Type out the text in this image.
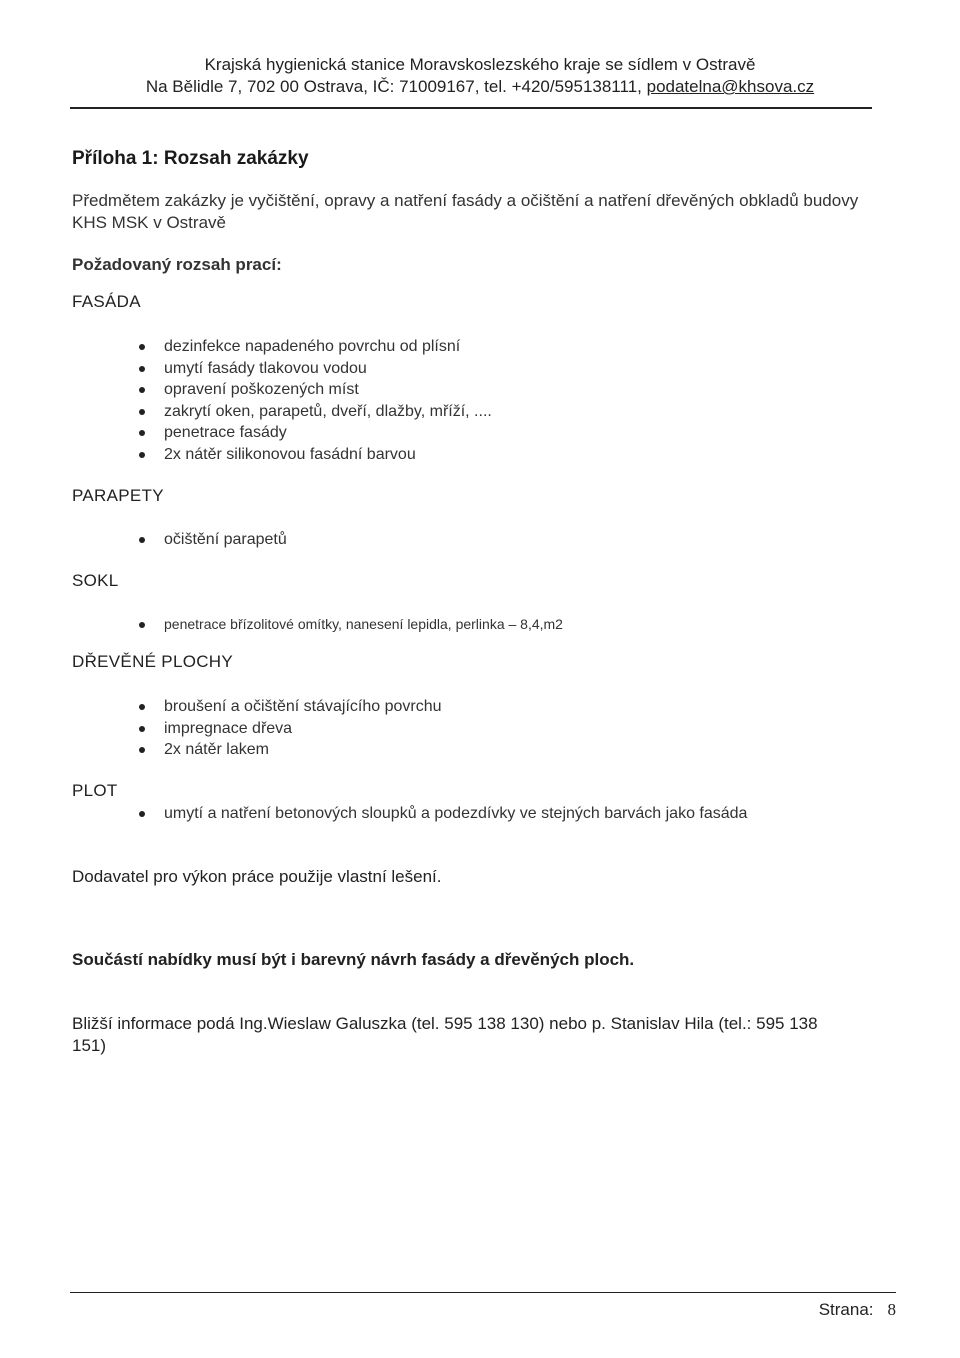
Krajská hygienická stanice Moravskoslezského kraje se sídlem v Ostravě
Na Bělidle 7, 702 00 Ostrava, IČ: 71009167, tel. +420/595138111, podatelna@khsova.cz
Příloha 1: Rozsah zakázky
Předmětem zakázky je vyčištění, opravy a natření fasády a očištění a natření dřevěných obkladů budovy KHS MSK v Ostravě
Požadovaný rozsah prací:
FASÁDA
dezinfekce napadeného povrchu od plísní
umytí fasády tlakovou vodou
opravení poškozených míst
zakrytí oken, parapetů, dveří, dlažby, mříží, ....
penetrace fasády
2x nátěr silikonovou fasádní barvou
PARAPETY
očištění parapetů
SOKL
penetrace břízolitové omítky, nanesení lepidla, perlinka – 8,4,m2
DŘEVĚNÉ PLOCHY
broušení a očištění stávajícího povrchu
impregnace dřeva
2x nátěr lakem
PLOT
umytí a natření betonových sloupků a podezdívky ve stejných barvách jako fasáda
Dodavatel pro výkon práce použije vlastní lešení.
Součástí nabídky musí být i barevný návrh fasády a dřevěných ploch.
Bližší informace podá Ing.Wieslaw Galuszka (tel. 595 138 130) nebo p. Stanislav Hila (tel.: 595 138 151)
Strana: 8
